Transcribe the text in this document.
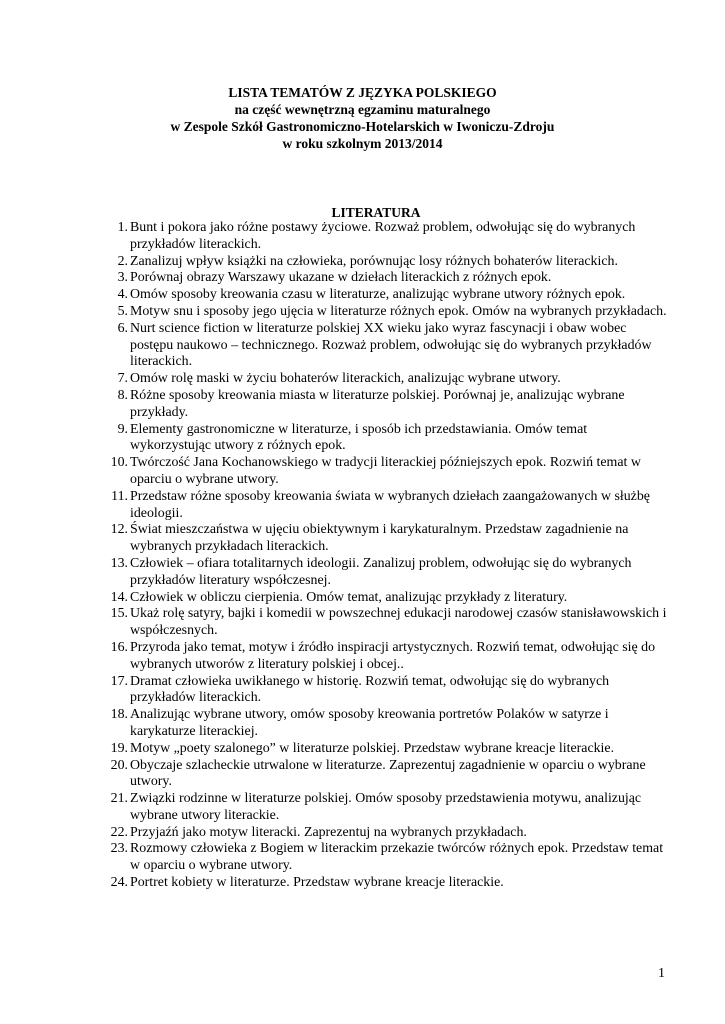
LISTA TEMATÓW Z JĘZYKA POLSKIEGO
na część wewnętrzną egzaminu maturalnego
w Zespole Szkół Gastronomiczno-Hotelarskich w Iwoniczu-Zdroju
w roku szkolnym 2013/2014
LITERATURA
1. Bunt i pokora jako różne postawy życiowe. Rozważ problem, odwołując się do wybranych przykładów literackich.
2. Zanalizuj wpływ książki na człowieka, porównując losy różnych bohaterów literackich.
3. Porównaj obrazy Warszawy ukazane w dziełach literackich z różnych epok.
4. Omów sposoby kreowania czasu w literaturze, analizując wybrane utwory różnych epok.
5. Motyw snu i sposoby jego ujęcia w literaturze różnych epok. Omów na wybranych przykładach.
6. Nurt science fiction w literaturze polskiej XX wieku jako wyraz fascynacji i obaw wobec postępu naukowo – technicznego. Rozważ problem, odwołując się do wybranych przykładów literackich.
7. Omów rolę maski w życiu bohaterów literackich, analizując wybrane utwory.
8. Różne sposoby kreowania miasta w literaturze polskiej. Porównaj je, analizując wybrane przykłady.
9. Elementy gastronomiczne w literaturze, i sposób ich przedstawiania. Omów temat wykorzystując utwory z różnych epok.
10. Twórczość Jana Kochanowskiego w tradycji literackiej późniejszych epok. Rozwiń temat w oparciu o wybrane utwory.
11. Przedstaw różne sposoby kreowania świata w wybranych dziełach zaangażowanych w służbę ideologii.
12. Świat mieszczaństwa w ujęciu obiektywnym i karykaturalnym. Przedstaw zagadnienie na wybranych przykładach literackich.
13. Człowiek – ofiara totalitarnych ideologii. Zanalizuj problem, odwołując się do wybranych przykładów literatury współczesnej.
14. Człowiek w obliczu cierpienia. Omów temat, analizując przykłady z literatury.
15. Ukaż rolę satyry, bajki i komedii w powszechnej edukacji narodowej czasów stanisławowskich i współczesnych.
16. Przyroda jako temat, motyw i źródło inspiracji artystycznych. Rozwiń temat, odwołując się do wybranych utworów z literatury polskiej i obcej..
17. Dramat człowieka uwikłanego w historię. Rozwiń temat, odwołując się do wybranych przykładów literackich.
18. Analizując wybrane utwory, omów sposoby kreowania portretów Polaków w satyrze i karykaturze literackiej.
19. Motyw „poety szalonego” w literaturze polskiej. Przedstaw wybrane kreacje literackie.
20. Obyczaje szlacheckie utrwalone w literaturze. Zaprezentuj zagadnienie w oparciu o wybrane utwory.
21. Związki rodzinne w literaturze polskiej. Omów sposoby przedstawienia motywu, analizując wybrane utwory literackie.
22. Przyjaźń jako motyw literacki. Zaprezentuj na wybranych przykładach.
23. Rozmowy człowieka z Bogiem w literackim przekazie twórców różnych epok. Przedstaw temat w oparciu o wybrane utwory.
24. Portret kobiety w literaturze. Przedstaw wybrane kreacje literackie.
1
